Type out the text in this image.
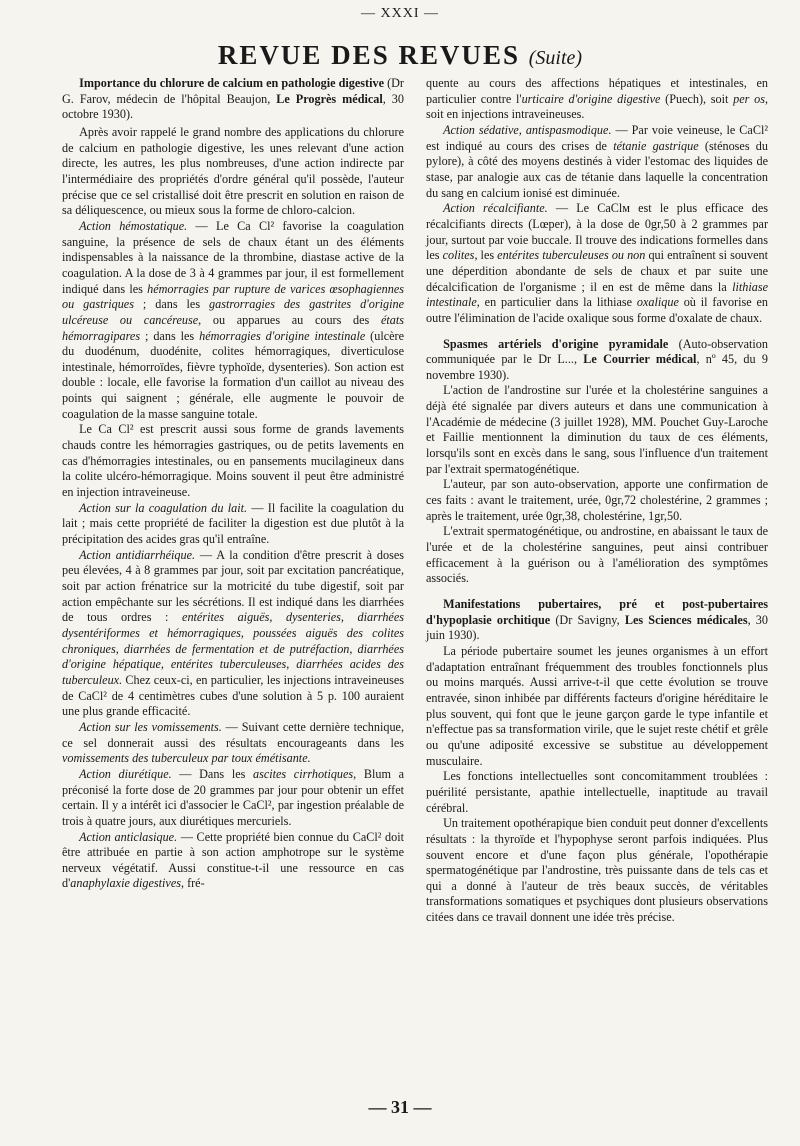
— XXXI —
REVUE DES REVUES (Suite)

Importance du chlorure de calcium en pathologie digestive (Dr G. Farov, médecin de l'hôpital Beaujon, Le Progrès médical, 30 octobre 1930).

Après avoir rappelé le grand nombre des applications du chlorure de calcium en pathologie digestive, les unes relevant d'une action directe, les autres, les plus nombreuses, d'une action indirecte par l'intermédiaire des propriétés d'ordre général qu'il possède, l'auteur précise que ce sel cristallisé doit être prescrit en solution en raison de sa déliquescence, ou mieux sous la forme de chloro-calcion.

Action hémostatique. — Le Ca Cl² favorise la coagulation sanguine, la présence de sels de chaux étant un des éléments indispensables à la naissance de la thrombine, diastase active de la coagulation. A la dose de 3 à 4 grammes par jour, il est formellement indiqué dans les hémorragies par rupture de varices œsophagiennes ou gastriques ; dans les gastrorragies des gastrites d'origine ulcéreuse ou cancéreuse, ou apparues au cours des états hémorragipares ; dans les hémorragies d'origine intestinale (ulcère du duodénum, duodénite, colites hémorragiques, diverticulose intestinale, hémorroïdes, fièvre typhoïde, dysenteries). Son action est double : locale, elle favorise la formation d'un caillot au niveau des points qui saignent ; générale, elle augmente le pouvoir de coagulation de la masse sanguine totale.

Le Ca Cl² est prescrit aussi sous forme de grands lavements chauds contre les hémorragies gastriques, ou de petits lavements en cas d'hémorragies intestinales, ou en pansements mucilagineux dans la colite ulcéro-hémorragique. Moins souvent il peut être administré en injection intraveineuse.

Action sur la coagulation du lait. — Il facilite la coagulation du lait ; mais cette propriété de faciliter la digestion est due plutôt à la précipitation des acides gras qu'il entraîne.

Action antidiarrhéique. — A la condition d'être prescrit à doses peu élevées, 4 à 8 grammes par jour, soit par excitation pancréatique, soit par action frénatrice sur la motricité du tube digestif, soit par action empêchante sur les sécrétions. Il est indiqué dans les diarrhées de tous ordres : entérites aiguës, dysenteries, diarrhées dysentériformes et hémorragiques, poussées aiguës des colites chroniques, diarrhées de fermentation et de putréfaction, diarrhées d'origine hépatique, entérites tuberculeuses, diarrhées acides des tuberculeux. Chez ceux-ci, en particulier, les injections intraveineuses de CaCl² de 4 centimètres cubes d'une solution à 5 p. 100 auraient une plus grande efficacité.

Action sur les vomissements. — Suivant cette dernière technique, ce sel donnerait aussi des résultats encourageants dans les vomissements des tuberculeux par toux émétisante.

Action diurétique. — Dans les ascites cirrhotiques, Blum a préconisé la forte dose de 20 grammes par jour pour obtenir un effet certain. Il y a intérêt ici d'associer le CaCl², par ingestion préalable de trois à quatre jours, aux diurétiques mercuriels.

Action anticlasique. — Cette propriété bien connue du CaCl² doit être attribuée en partie à son action amphotrope sur le système nerveux végétatif. Aussi constitue-t-il une ressource en cas d'anaphylaxie digestives, fré-

quente au cours des affections hépatiques et intestinales, en particulier contre l'urticaire d'origine digestive (Puech), soit per os, soit en injections intraveineuses.

Action sédative, antispasmodique. — Par voie veineuse, le CaCl² est indiqué au cours des crises de tétanie gastrique (sténoses du pylore), à côté des moyens destinés à vider l'estomac des liquides de stase, par analogie aux cas de tétanie dans laquelle la concentration du sang en calcium ionisé est diminuée.

Action récalcifiante. — Le CaClм est le plus efficace des récalcifiants directs (Lœper), à la dose de 0gr,50 à 2 grammes par jour, surtout par voie buccale. Il trouve des indications formelles dans les colites, les entérites tuberculeuses ou non qui entraînent si souvent une déperdition abondante de sels de chaux et par suite une décalcification de l'organisme ; il en est de même dans la lithiase intestinale, en particulier dans la lithiase oxalique où il favorise en outre l'élimination de l'acide oxalique sous forme d'oxalate de chaux.

Spasmes artériels d'origine pyramidale (Auto-observation communiquée par le Dr L..., Le Courrier médical, nº 45, du 9 novembre 1930).

L'action de l'androstine sur l'urée et la cholestérine sanguines a déjà été signalée par divers auteurs et dans une communication à l'Académie de médecine (3 juillet 1928), MM. Pouchet Guy-Laroche et Faillie mentionnent la diminution du taux de ces éléments, lorsqu'ils sont en excès dans le sang, sous l'influence d'un traitement par l'extrait spermatogénétique.

L'auteur, par son auto-observation, apporte une confirmation de ces faits : avant le traitement, urée, 0gr,72 cholestérine, 2 grammes ; après le traitement, urée 0gr,38, cholestérine, 1gr,50.

L'extrait spermatogénétique, ou androstine, en abaissant le taux de l'urée et de la cholestérine sanguines, peut ainsi contribuer efficacement à la guérison ou à l'amélioration des symptômes associés.

Manifestations pubertaires, pré et post-pubertaires d'hypoplasie orchitique (Dr Savigny, Les Sciences médicales, 30 juin 1930).

La période pubertaire soumet les jeunes organismes à un effort d'adaptation entraînant fréquemment des troubles fonctionnels plus ou moins marqués. Aussi arrive-t-il que cette évolution se trouve entravée, sinon inhibée par différents facteurs d'origine héréditaire le plus souvent, qui font que le jeune garçon garde le type infantile et n'effectue pas sa transformation virile, que le sujet reste chétif et grêle ou qu'une adiposité excessive se substitue au développement musculaire.

Les fonctions intellectuelles sont concomitamment troublées : puérilité persistante, apathie intellectuelle, inaptitude au travail cérébral.

Un traitement opothérapique bien conduit peut donner d'excellents résultats : la thyroïde et l'hypophyse seront parfois indiquées. Plus souvent encore et d'une façon plus générale, l'opothérapie spermatogénétique par l'androstine, très puissante dans de tels cas et qui a donné à l'auteur de très beaux succès, de véritables transformations somatiques et psychiques dont plusieurs observations citées dans ce travail donnent une idée très précise.

— 31 —
